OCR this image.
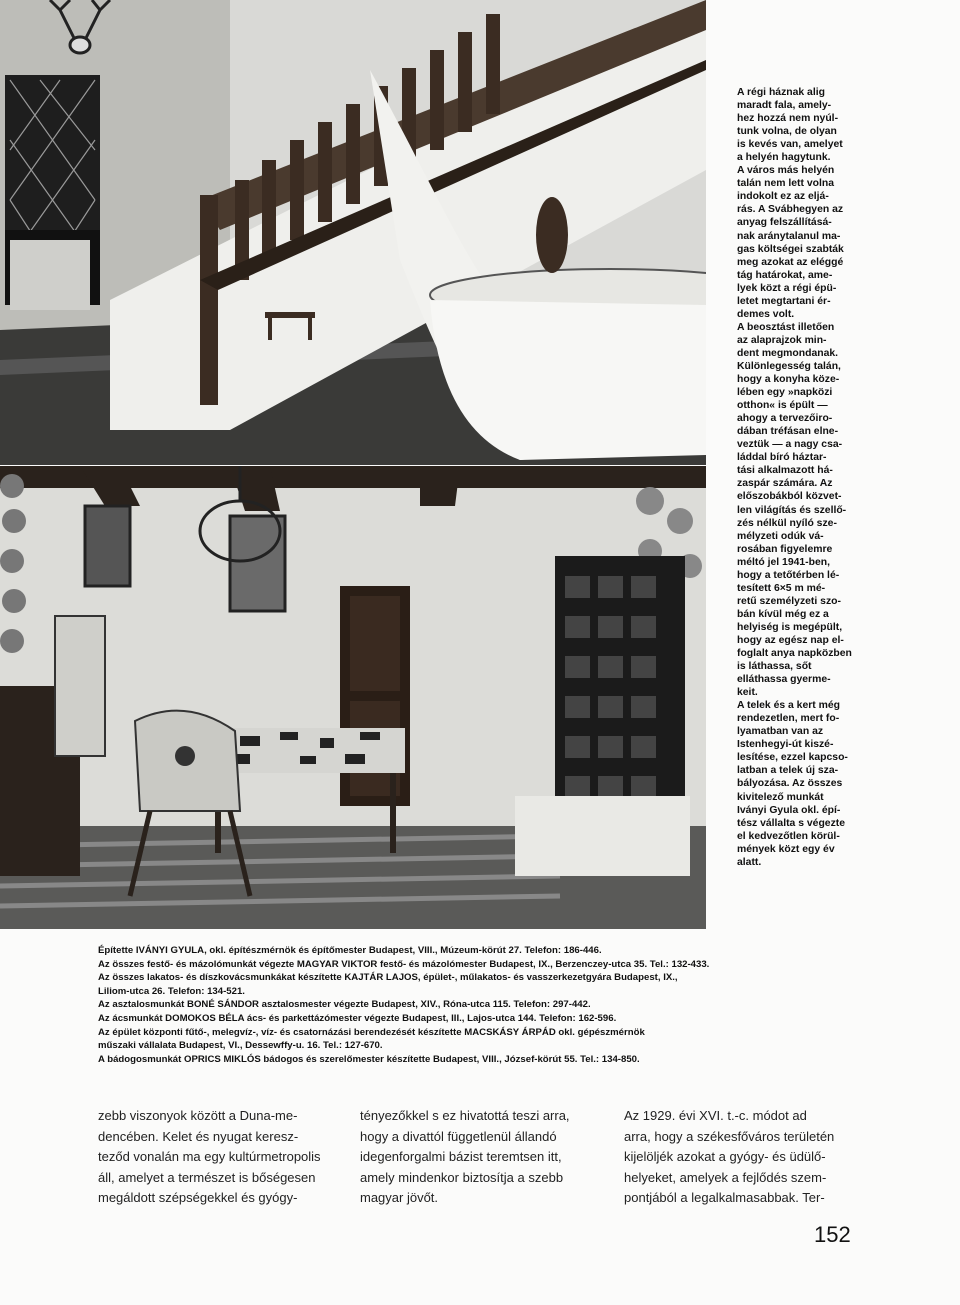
A régi háznak alig

maradt fala, amely-

hez hozzá nem nyúl-

tunk volna, de olyan

is kevés van, amelyet

a helyén hagytunk.

A város más helyén

talán nem lett volna

indokolt ez az eljá-

rás. A Svábhegyen az

anyag felszállításá-

nak aránytalanul ma-

gas költségei szabták

meg azokat az eléggé

tág határokat, ame-

lyek közt a régi épü-

letet megtartani ér-

demes volt.

A beosztást illetően

az alaprajzok min-

dent megmondanak.

Különlegesség talán,

hogy a konyha köze-

lében egy »napközi

otthon« is épült —

ahogy a tervezőiro-

dában tréfásan elne-

veztük — a nagy csa-

láddal bíró háztar-

tási alkalmazott há-

zaspár számára. Az

előszobákból közvet-

len világítás és szellő-

zés nélkül nyíló sze-

mélyzeti odúk vá-

rosában figyelemre

méltó jel 1941-ben,

hogy a tetőtérben lé-

tesített 6×5 m mé-

retű személyzeti szo-

bán kívül még ez a

helyiség is megépült,

hogy az egész nap el-

foglalt anya napközben

is láthassa, sőt

elláthassa gyerme-

keit.

A telek és a kert még

rendezetlen, mert fo-

lyamatban van az

Istenhegyi-út kiszé-

lesítése, ezzel kapcso-

latban a telek új sza-

bályozása. Az összes

kivitelező munkát

Iványi Gyula okl. épí-

tész vállalta s végezte

el kedvezőtlen körül-

mények közt egy év

alatt.

Építette IVÁNYI GYULA, okl. építészmérnök és építőmester Budapest, VIII., Múzeum-körút 27. Telefon: 186-446.

Az összes festő- és mázolómunkát végezte MAGYAR VIKTOR festő- és mázolómester Budapest, IX., Berzenczey-utca 35. Tel.: 132-433.

Az összes lakatos- és díszkovácsmunkákat készítette KAJTÁR LAJOS, épület-, műlakatos- és vasszerkezetgyára Budapest, IX.,

Liliom-utca 26. Telefon: 134-521.

Az asztalosmunkát BONÉ SÁNDOR asztalosmester végezte Budapest, XIV., Róna-utca 115. Telefon: 297-442.

Az ácsmunkát DOMOKOS BÉLA ács- és parkettázómester végezte Budapest, III., Lajos-utca 144. Telefon: 162-596.

Az épület központi fűtő-, melegvíz-, víz- és csatornázási berendezését készítette MACSKÁSY ÁRPÁD okl. gépészmérnök

műszaki vállalata Budapest, VI., Dessewffy-u. 16. Tel.: 127-670.

A bádogosmunkát OPRICS MIKLÓS bádogos és szerelőmester készítette Budapest, VIII., József-körút 55. Tel.: 134-850.

zebb viszonyok között a Duna-me-

dencében. Kelet és nyugat keresz-

teződ vonalán ma egy kultúrmetropolis

áll, amelyet a természet is bőségesen

megáldott szépségekkel és gyógy-

tényezőkkel s ez hivatottá teszi arra,

hogy a divattól függetlenül állandó

idegenforgalmi bázist teremtsen itt,

amely mindenkor biztosítja a szebb

magyar jövőt.

Az 1929. évi XVI. t.-c. módot ad

arra, hogy a székesfőváros területén

kijelöljék azokat a gyógy- és üdülő-

helyeket, amelyek a fejlődés szem-

pontjából a legalkalmasabbak. Ter-

152
